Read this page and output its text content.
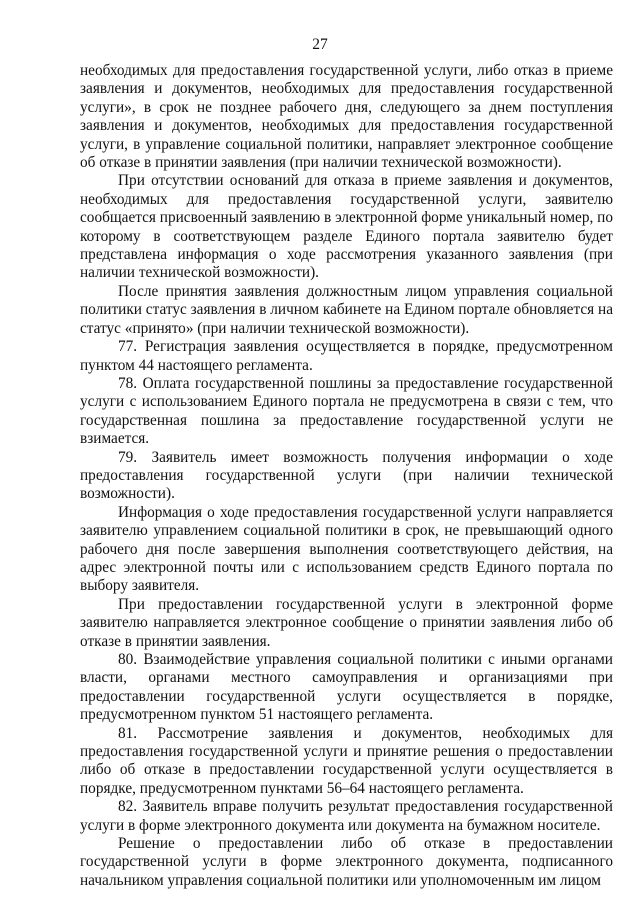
27

необходимых для предоставления государственной услуги, либо отказ в приеме заявления и документов, необходимых для предоставления государственной услуги», в срок не позднее рабочего дня, следующего за днем поступления заявления и документов, необходимых для предоставления государственной услуги, в управление социальной политики, направляет электронное сообщение об отказе в принятии заявления (при наличии технической возможности).

При отсутствии оснований для отказа в приеме заявления и документов, необходимых для предоставления государственной услуги, заявителю сообщается присвоенный заявлению в электронной форме уникальный номер, по которому в соответствующем разделе Единого портала заявителю будет представлена информация о ходе рассмотрения указанного заявления (при наличии технической возможности).

После принятия заявления должностным лицом управления социальной политики статус заявления в личном кабинете на Едином портале обновляется на статус «принято» (при наличии технической возможности).

77. Регистрация заявления осуществляется в порядке, предусмотренном пунктом 44 настоящего регламента.

78. Оплата государственной пошлины за предоставление государственной услуги с использованием Единого портала не предусмотрена в связи с тем, что государственная пошлина за предоставление государственной услуги не взимается.

79. Заявитель имеет возможность получения информации о ходе предоставления государственной услуги (при наличии технической возможности).

Информация о ходе предоставления государственной услуги направляется заявителю управлением социальной политики в срок, не превышающий одного рабочего дня после завершения выполнения соответствующего действия, на адрес электронной почты или с использованием средств Единого портала по выбору заявителя.

При предоставлении государственной услуги в электронной форме заявителю направляется электронное сообщение о принятии заявления либо об отказе в принятии заявления.

80. Взаимодействие управления социальной политики с иными органами власти, органами местного самоуправления и организациями при предоставлении государственной услуги осуществляется в порядке, предусмотренном пунктом 51 настоящего регламента.

81. Рассмотрение заявления и документов, необходимых для предоставления государственной услуги и принятие решения о предоставлении либо об отказе в предоставлении государственной услуги осуществляется в порядке, предусмотренном пунктами 56–64 настоящего регламента.

82. Заявитель вправе получить результат предоставления государственной услуги в форме электронного документа или документа на бумажном носителе.

Решение о предоставлении либо об отказе в предоставлении государственной услуги в форме электронного документа, подписанного начальником управления социальной политики или уполномоченным им лицом
